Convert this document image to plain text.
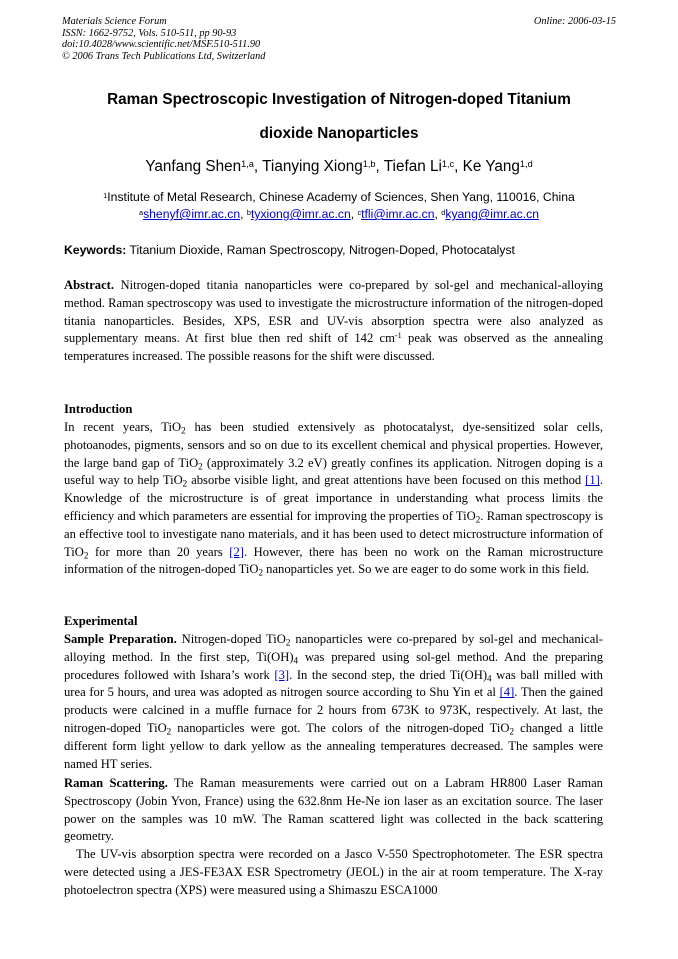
Materials Science Forum
ISSN: 1662-9752, Vols. 510-511, pp 90-93
doi:10.4028/www.scientific.net/MSF.510-511.90
© 2006 Trans Tech Publications Ltd, Switzerland
Online: 2006-03-15
Raman Spectroscopic Investigation of Nitrogen-doped Titanium
dioxide Nanoparticles
Yanfang Shen$^{1,a}$, Tianying Xiong$^{1,b}$, Tiefan Li$^{1,c}$, Ke Yang$^{1,d}$
$^1$Institute of Metal Research, Chinese Academy of Sciences, Shen Yang, 110016, China
$^a$shenyf@imr.ac.cn, $^b$tyxiong@imr.ac.cn, $^c$tfli@imr.ac.cn, $^d$kyang@imr.ac.cn
Keywords: Titanium Dioxide, Raman Spectroscopy, Nitrogen-Doped, Photocatalyst

Abstract. Nitrogen-doped titania nanoparticles were co-prepared by sol-gel and mechanical-alloying method. Raman spectroscopy was used to investigate the microstructure information of the nitrogen-doped titania nanoparticles. Besides, XPS, ESR and UV-vis absorption spectra were also analyzed as supplementary means. At first blue then red shift of 142 $cm^{-1}$ peak was observed as the annealing temperatures increased. The possible reasons for the shift were discussed.

Introduction

In recent years, TiO$_2$ has been studied extensively as photocatalyst, dye-sensitized solar cells, photoanodes, pigments, sensors and so on due to its excellent chemical and physical properties. However, the large band gap of TiO$_2$ (approximately 3.2 eV) greatly confines its application. Nitrogen doping is a useful way to help TiO$_2$ absorbe visible light, and great attentions have been focused on this method [1]. Knowledge of the microstructure is of great importance in understanding what process limits the efficiency and which parameters are essential for improving the properties of TiO$_2$. Raman spectroscopy is an effective tool to investigate nano materials, and it has been used to detect microstructure information of TiO$_2$ for more than 20 years [2]. However, there has been no work on the Raman microstructure information of the nitrogen-doped TiO$_2$ nanoparticles yet. So we are eager to do some work in this field.

Experimental

Sample Preparation. Nitrogen-doped TiO$_2$ nanoparticles were co-prepared by sol-gel and mechanical-alloying method. In the first step, $Ti(OH)_4$ was prepared using sol-gel method. And the preparing procedures followed with Ishara’s work [3]. In the second step, the dried $Ti(OH)_4$ was ball milled with urea for 5 hours, and urea was adopted as nitrogen source according to Shu Yin et al [4]. Then the gained products were calcined in a muffle furnace for 2 hours from 673K to 973K, respectively. At last, the nitrogen-doped TiO$_2$ nanoparticles were got. The colors of the nitrogen-doped TiO$_2$ changed a little different form light yellow to dark yellow as the annealing temperatures decreased. The samples were named HT series.

Raman Scattering. The Raman measurements were carried out on a Labram HR800 Laser Raman Spectroscopy (Jobin Yvon, France) using the 632.8nm He-Ne ion laser as an excitation source. The laser power on the samples was 10 mW. The Raman scattered light was collected in the back scattering geometry.

The UV-vis absorption spectra were recorded on a Jasco V-550 Spectrophotometer. The ESR spectra were detected using a JES-FE3AX ESR Spectrometry (JEOL) in the air at room temperature. The X-ray photoelectron spectra (XPS) were measured using a Shimaszu ESCA1000
